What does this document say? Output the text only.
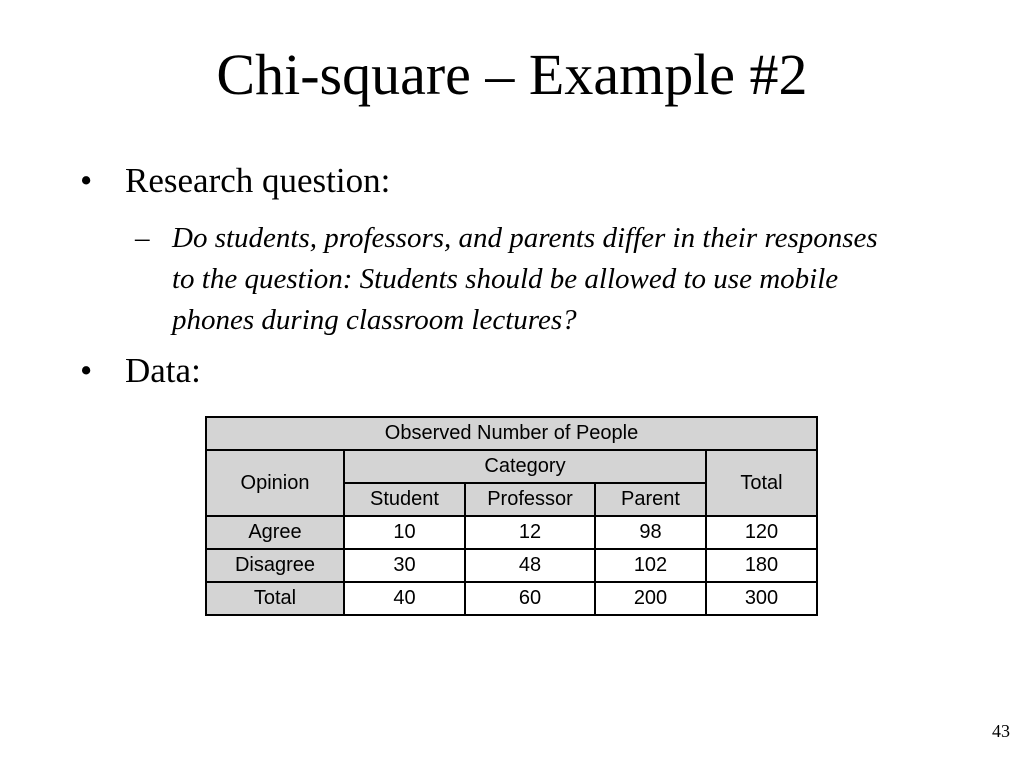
Chi-square – Example #2
• Research question:
– Do students, professors, and parents differ in their responses to the question: Students should be allowed to use mobile phones during classroom lectures?
• Data:
Observed Number of People				
Opinion	Category			Total
	Student	Professor	Parent	
Agree	10	12	98	120
Disagree	30	48	102	180
Total	40	60	200	300
43
